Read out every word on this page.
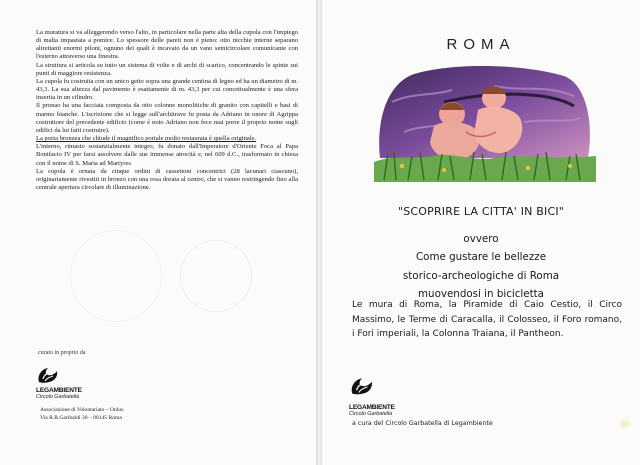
La muratura si va alleggerendo verso l'alto, in particolare nella parte alta della cupola con l'impiego di malta impastata a pomice. Lo spessore delle pareti non è pieno: otto nicchie interne separano altrettanti enormi piloni, ognuno dei quali è incavato da un vano semicircolare comunicante con l'esterno attraverso una finestra.

La struttura si articola su tutto un sistema di volte e di archi di scarico, concentrando le spinte sui punti di maggiore resistenza.

La cupola fu costruita con un unico getto sopra una grande centina di legno ed ha un diametro di m. 43,3. La sua altezza dal pavimento è esattamente di m. 43,3 per cui concettualmente è una sfera inserita in un cilindro.

Il pronao ha una facciata composta da otto colonne monolitiche di granito con capitelli e basi di marmo bianche. L'iscrizione che si legge sull'architrave fu posta da Adriano in onore di Agrippa costruttore del precedente edificio (come è noto Adriano non fece mai porre il proprio nome sugli edifici da lui fatti costruire).

La porta bronzea che chiude il magnifico portale molto restaurata è quella originale.

L'interno, rimasto sostanzialmente integro, fu donato dall'Imperatore d'Oriente Foca al Papa Bonifacio IV per farsi assolvere dalle sue immense atrocità e, nel 609 d.C., trasformato in chiesa con il nome di S. Maria ad Martyres

La cupola è ornata da cinque ordini di cassettoni concentrici (28 lacunari ciascuno), originariamente rivestiti in bronzo con una rosa dorata al centro, che si vanno restringendo fino alla centrale apertura circolare di illuminazione.

curato in proprio da
LEGAMBIENTE
Circolo Garbatella
Associazione di Volontariato – Onlus
Via R.R.Garibaldi 30 – 00145 Roma
ROMA
"SCOPRIRE LA CITTA' IN BICI"
ovvero
Come gustare le bellezze
storico-archeologiche di Roma
muovendosi in bicicletta
Le mura di Roma, la Piramide di Caio Cestio, il Circo Massimo, le Terme di Caracalla, il Colosseo, il Foro romano, i Fori imperiali, la Colonna Traiana, il Pantheon.
LEGAMBIENTE
Circolo Garbatella
a cura del Circolo Garbatella di Legambiente
